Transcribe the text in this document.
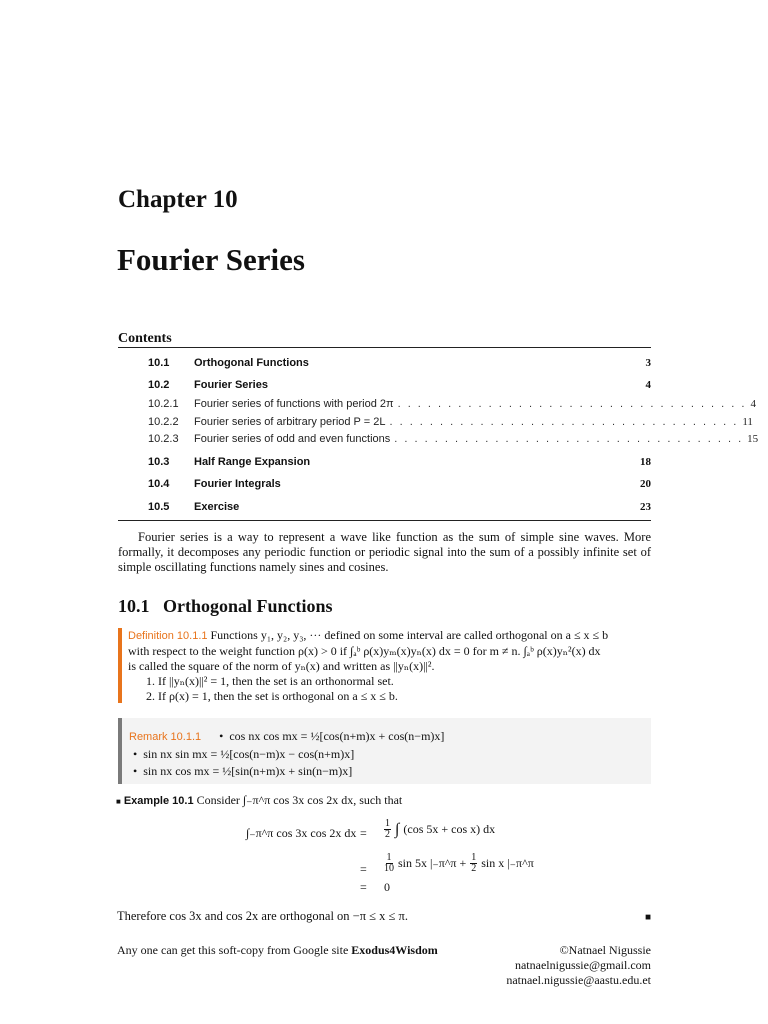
Chapter 10
Fourier Series
Contents
10.1	Orthogonal Functions	3
10.2	Fourier Series	4
10.2.1	Fourier series of functions with period 2π . . . . . . . . . . . . . . . . . . . . . . . . . . . . . . . . . . . 4
10.2.2	Fourier series of arbitrary period P = 2L . . . . . . . . . . . . . . . . . . . . . . . . . . . . . . . . . . . 11
10.2.3	Fourier series of odd and even functions . . . . . . . . . . . . . . . . . . . . . . . . . . . . . . . . . . . 15
10.3	Half Range Expansion	18
10.4	Fourier Integrals	20
10.5	Exercise	23

Fourier series is a way to represent a wave like function as the sum of simple sine waves. More formally, it decomposes any periodic function or periodic signal into the sum of a possibly infinite set of simple oscillating functions namely sines and cosines.

10.1 Orthogonal Functions
Definition 10.1.1 Functions y₁, y₂, y₃, ··· defined on some interval are called orthogonal on a ≤ x ≤ b
with respect to the weight function ρ(x) > 0 if ∫ₐᵇ ρ(x)yₘ(x)yₙ(x) dx = 0 for m ≠ n. ∫ₐᵇ ρ(x)yₙ²(x) dx
is called the square of the norm of yₙ(x) and written as ||yₙ(x)||².
1. If ||yₙ(x)||² = 1, then the set is an orthonormal set.
2. If ρ(x) = 1, then the set is orthogonal on a ≤ x ≤ b.
Remark 10.1.1 • cos nx cos mx = ½[cos(n+m)x + cos(n−m)x]
• sin nx sin mx = ½[cos(n−m)x − cos(n+m)x]
• sin nx cos mx = ½[sin(n+m)x + sin(n−m)x]
■ Example 10.1 Consider ∫₋π^π cos 3x cos 2x dx, such that
∫₋π^π cos 3x cos 2x dx = $\frac{1}{2}$ ∫ (cos 5x + cos x) dx
= $\frac{1}{10}$ sin 5x |₋π^π + $\frac{1}{2}$ sin x |₋π^π
= 0
Therefore cos 3x and cos 2x are orthogonal on −π ≤ x ≤ π.	■
Any one can get this soft-copy from Google site Exodus4Wisdom	©Natnael Nigussie
natnaelnigussie@gmail.com
natnael.nigussie@aastu.edu.et
